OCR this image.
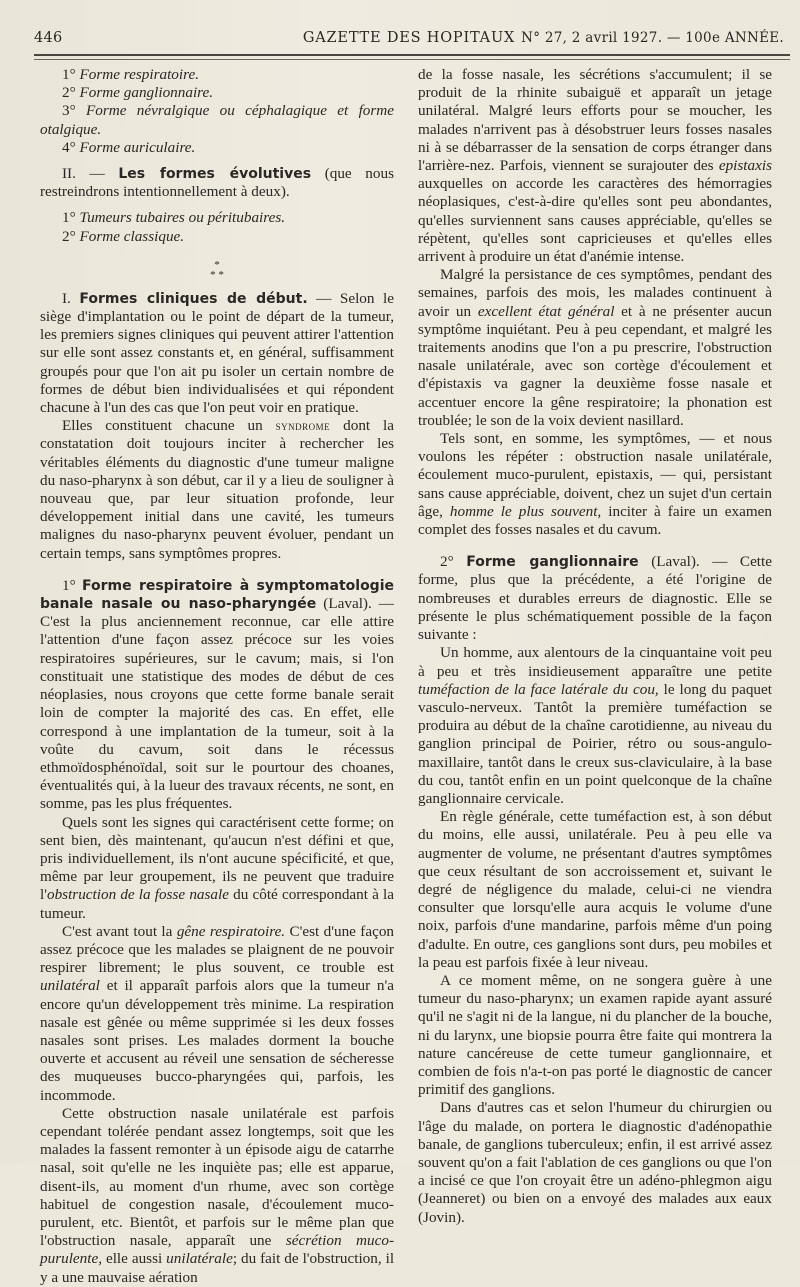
446	GAZETTE DES HOPITAUX N° 27, 2 avril 1927. — 100e ANNÉE.

1° Forme respiratoire.

2° Forme ganglionnaire.

3° Forme névralgique ou céphalagique et forme otalgique.

4° Forme auriculaire.

II. — Les formes évolutives (que nous restreindrons intentionnellement à deux).

1° Tumeurs tubaires ou péritubaires.

2° Forme classique.

*
* *

I. Formes cliniques de début. — Selon le siège d'implantation ou le point de départ de la tumeur, les premiers signes cliniques qui peuvent attirer l'attention sur elle sont assez constants et, en général, suffisamment groupés pour que l'on ait pu isoler un certain nombre de formes de début bien individualisées et qui répondent chacune à l'un des cas que l'on peut voir en pratique.

Elles constituent chacune un syndrome dont la constatation doit toujours inciter à rechercher les véritables éléments du diagnostic d'une tumeur maligne du naso-pharynx à son début, car il y a lieu de souligner à nouveau que, par leur situation profonde, leur développement initial dans une cavité, les tumeurs malignes du naso-pharynx peuvent évoluer, pendant un certain temps, sans symptômes propres.

1° Forme respiratoire à symptomatologie banale nasale ou naso-pharyngée (Laval). — C'est la plus anciennement reconnue, car elle attire l'attention d'une façon assez précoce sur les voies respiratoires supérieures, sur le cavum; mais, si l'on constituait une statistique des modes de début de ces néoplasies, nous croyons que cette forme banale serait loin de compter la majorité des cas. En effet, elle correspond à une implantation de la tumeur, soit à la voûte du cavum, soit dans le récessus ethmoïdosphénoïdal, soit sur le pourtour des choanes, éventualités qui, à la lueur des travaux récents, ne sont, en somme, pas les plus fréquentes.

Quels sont les signes qui caractérisent cette forme; on sent bien, dès maintenant, qu'aucun n'est défini et que, pris individuellement, ils n'ont aucune spécificité, et que, même par leur groupement, ils ne peuvent que traduire l'obstruction de la fosse nasale du côté correspondant à la tumeur.

C'est avant tout la gêne respiratoire. C'est d'une façon assez précoce que les malades se plaignent de ne pouvoir respirer librement; le plus souvent, ce trouble est unilatéral et il apparaît parfois alors que la tumeur n'a encore qu'un développement très minime. La respiration nasale est gênée ou même supprimée si les deux fosses nasales sont prises. Les malades dorment la bouche ouverte et accusent au réveil une sensation de sécheresse des muqueuses bucco-pharyngées qui, parfois, les incommode.

Cette obstruction nasale unilatérale est parfois cependant tolérée pendant assez longtemps, soit que les malades la fassent remonter à un épisode aigu de catarrhe nasal, soit qu'elle ne les inquiète pas; elle est apparue, disent-ils, au moment d'un rhume, avec son cortège habituel de congestion nasale, d'écoulement muco-purulent, etc. Bientôt, et parfois sur le même plan que l'obstruction nasale, apparaît une sécrétion muco-purulente, elle aussi unilatérale; du fait de l'obstruction, il y a une mauvaise aération

de la fosse nasale, les sécrétions s'accumulent; il se produit de la rhinite subaiguë et apparaît un jetage unilatéral. Malgré leurs efforts pour se moucher, les malades n'arrivent pas à désobstruer leurs fosses nasales ni à se débarrasser de la sensation de corps étranger dans l'arrière-nez. Parfois, viennent se surajouter des epistaxis auxquelles on accorde les caractères des hémorragies néoplasiques, c'est-à-dire qu'elles sont peu abondantes, qu'elles surviennent sans causes appréciable, qu'elles se répètent, qu'elles sont capricieuses et qu'elles elles arrivent à produire un état d'anémie intense.

Malgré la persistance de ces symptômes, pendant des semaines, parfois des mois, les malades continuent à avoir un excellent état général et à ne présenter aucun symptôme inquiétant. Peu à peu cependant, et malgré les traitements anodins que l'on a pu prescrire, l'obstruction nasale unilatérale, avec son cortège d'écoulement et d'épistaxis va gagner la deuxième fosse nasale et accentuer encore la gêne respiratoire; la phonation est troublée; le son de la voix devient nasillard.

Tels sont, en somme, les symptômes, — et nous voulons les répéter : obstruction nasale unilatérale, écoulement muco-purulent, epistaxis, — qui, persistant sans cause appréciable, doivent, chez un sujet d'un certain âge, homme le plus souvent, inciter à faire un examen complet des fosses nasales et du cavum.

2° Forme ganglionnaire (Laval). — Cette forme, plus que la précédente, a été l'origine de nombreuses et durables erreurs de diagnostic. Elle se présente le plus schématiquement possible de la façon suivante :

Un homme, aux alentours de la cinquantaine voit peu à peu et très insidieusement apparaître une petite tuméfaction de la face latérale du cou, le long du paquet vasculo-nerveux. Tantôt la première tuméfaction se produira au début de la chaîne carotidienne, au niveau du ganglion principal de Poirier, rétro ou sous-angulo-maxillaire, tantôt dans le creux sus-claviculaire, à la base du cou, tantôt enfin en un point quelconque de la chaîne ganglionnaire cervicale.

En règle générale, cette tuméfaction est, à son début du moins, elle aussi, unilatérale. Peu à peu elle va augmenter de volume, ne présentant d'autres symptômes que ceux résultant de son accroissement et, suivant le degré de négligence du malade, celui-ci ne viendra consulter que lorsqu'elle aura acquis le volume d'une noix, parfois d'une mandarine, parfois même d'un poing d'adulte. En outre, ces ganglions sont durs, peu mobiles et la peau est parfois fixée à leur niveau.

A ce moment même, on ne songera guère à une tumeur du naso-pharynx; un examen rapide ayant assuré qu'il ne s'agit ni de la langue, ni du plancher de la bouche, ni du larynx, une biopsie pourra être faite qui montrera la nature cancéreuse de cette tumeur ganglionnaire, et combien de fois n'a-t-on pas porté le diagnostic de cancer primitif des ganglions.

Dans d'autres cas et selon l'humeur du chirurgien ou l'âge du malade, on portera le diagnostic d'adénopathie banale, de ganglions tuberculeux; enfin, il est arrivé assez souvent qu'on a fait l'ablation de ces ganglions ou que l'on a incisé ce que l'on croyait être un adéno-phlegmon aigu (Jeanneret) ou bien on a envoyé des malades aux eaux (Jovin).
